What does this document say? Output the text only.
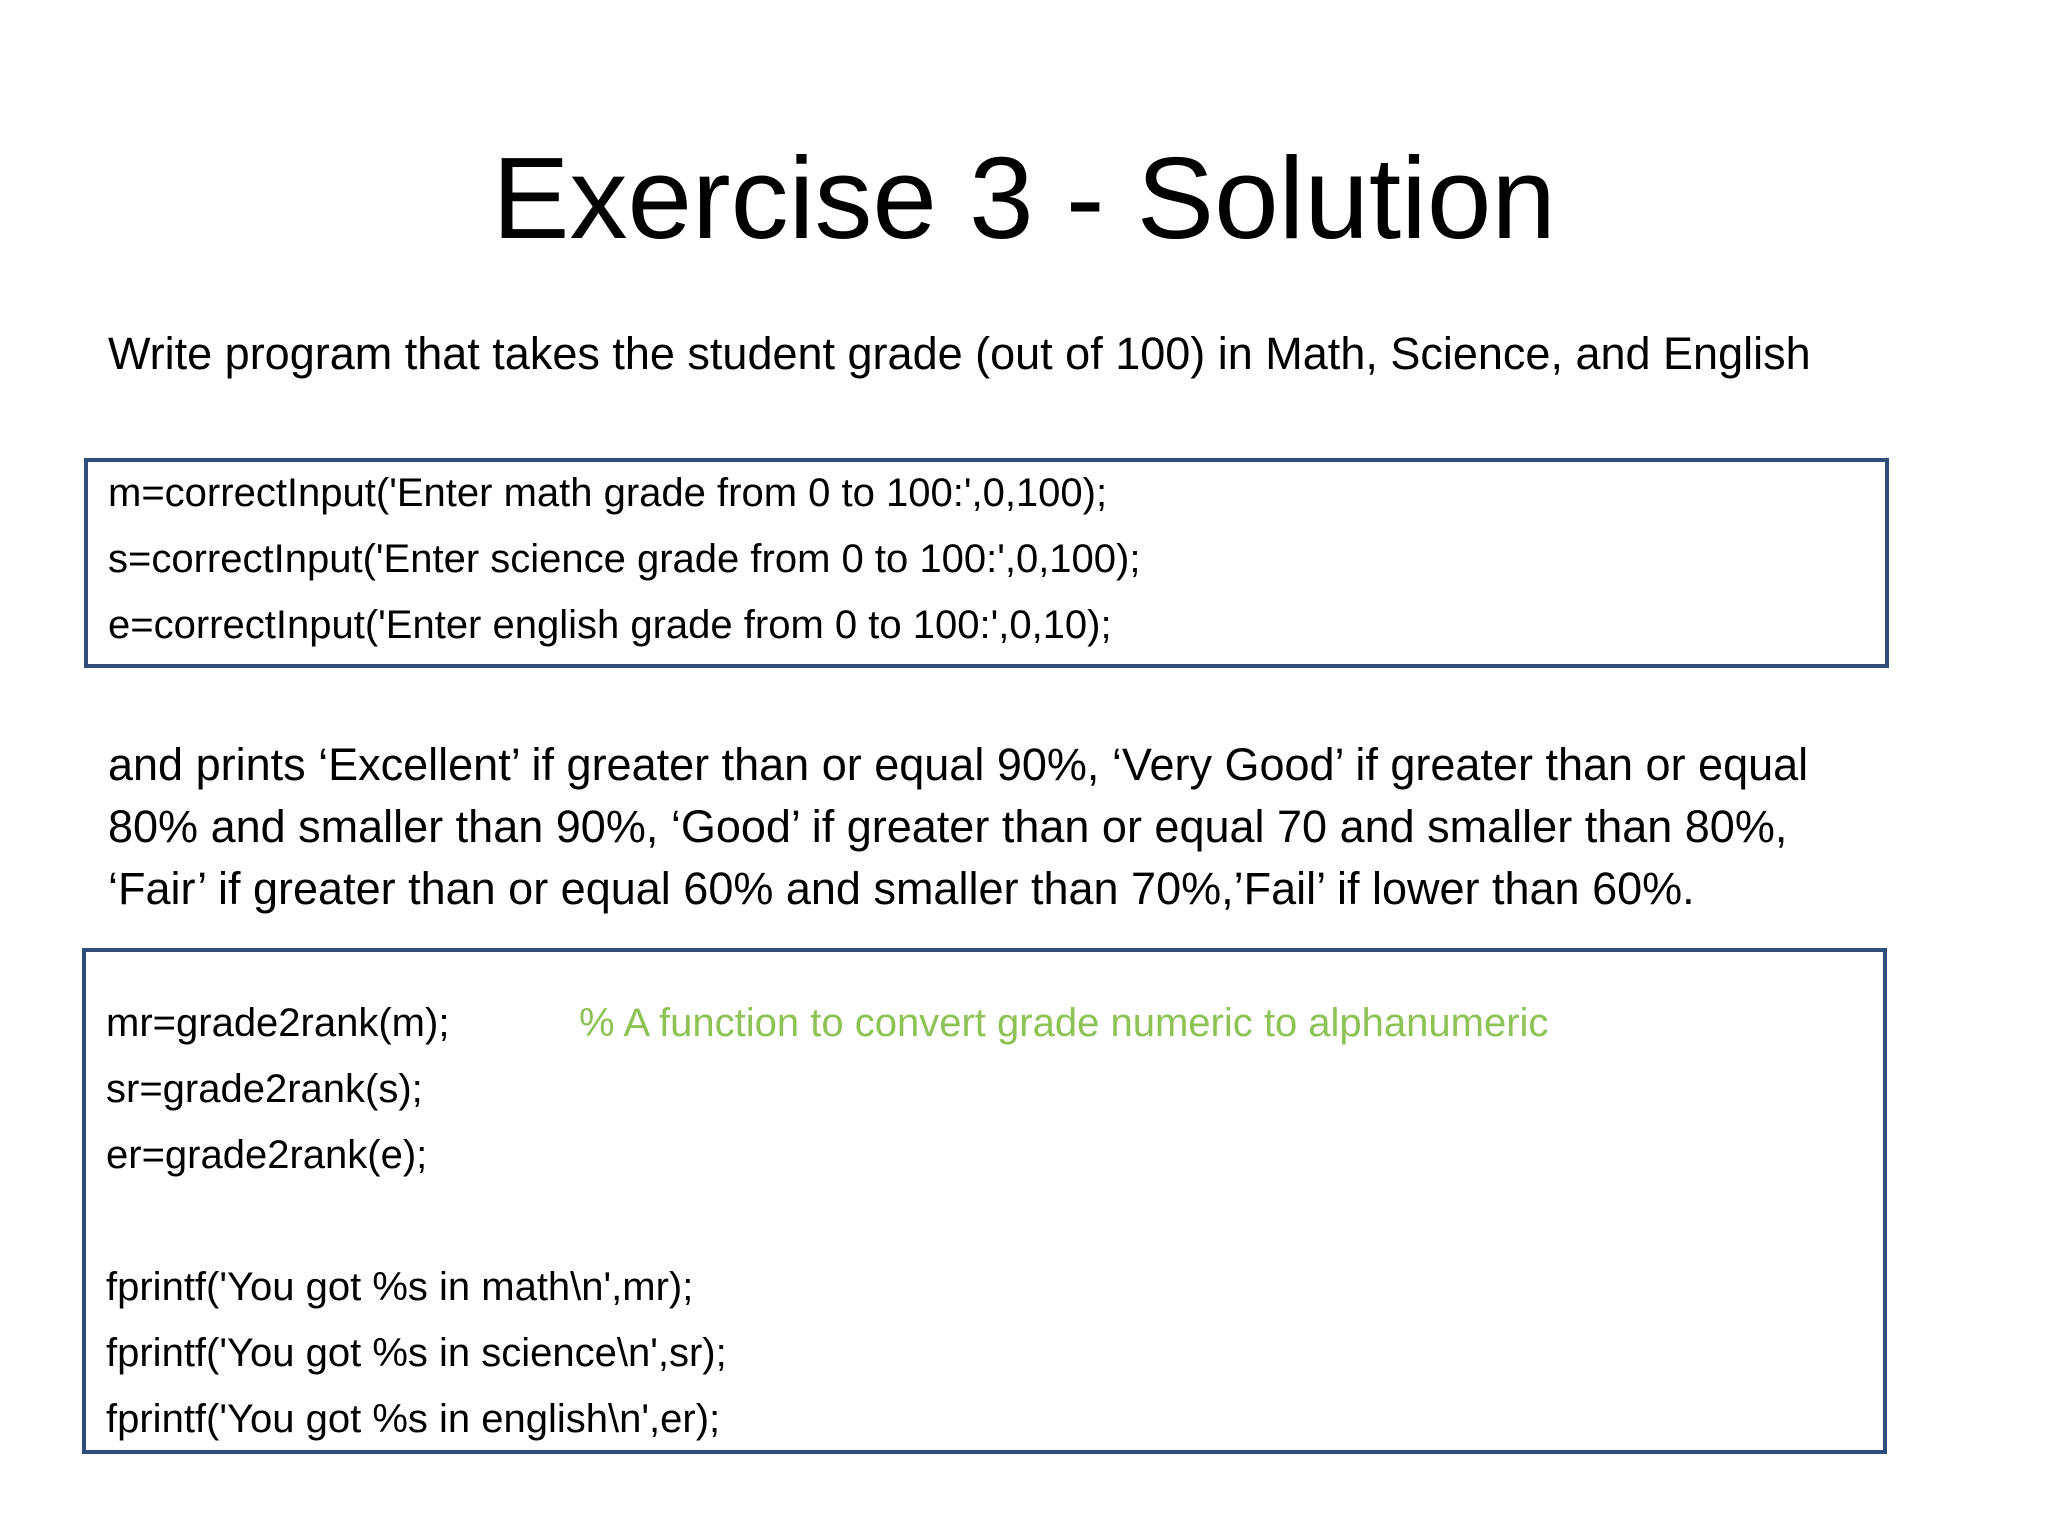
Exercise 3 - Solution
Write program that takes the student grade (out of 100) in Math, Science, and English
m=correctInput('Enter math grade from 0 to 100:',0,100);
s=correctInput('Enter science grade from 0 to 100:',0,100);
e=correctInput('Enter english grade from 0 to 100:',0,10);
and prints ‘Excellent’ if greater than or equal 90%, ‘Very Good’ if greater than or equal
80% and smaller than 90%, ‘Good’ if greater than or equal 70 and smaller than 80%,
‘Fair’ if greater than or equal 60% and smaller than 70%,’Fail’ if lower than 60%.
mr=grade2rank(m);	% A function to convert grade numeric to alphanumeric
sr=grade2rank(s);
er=grade2rank(e);
fprintf('You got %s in math\n',mr);
fprintf('You got %s in science\n',sr);
fprintf('You got %s in english\n',er);
